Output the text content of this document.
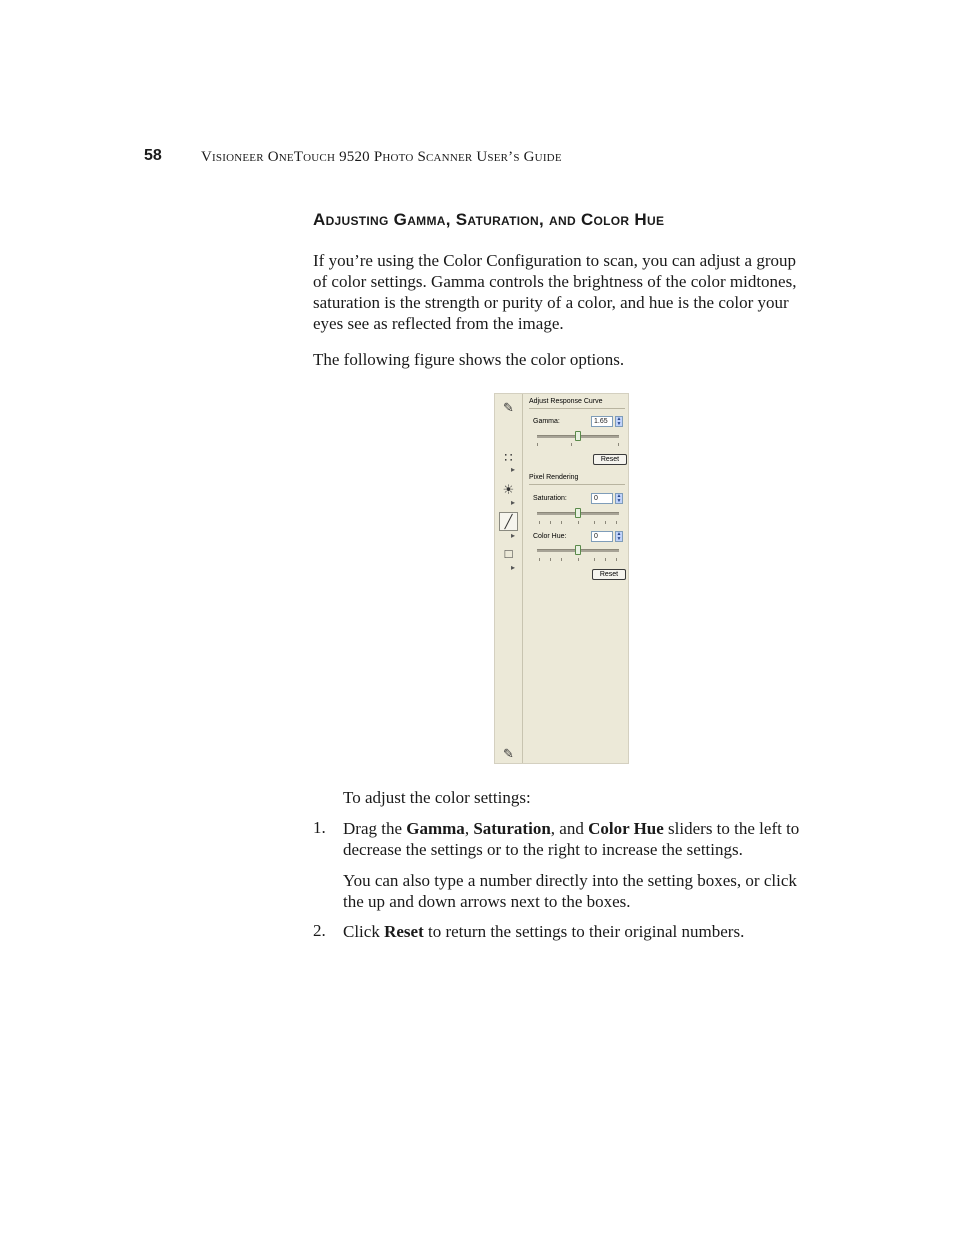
58	Visioneer OneTouch 9520 Photo Scanner User’s Guide
Adjusting Gamma, Saturation, and Color Hue
If you’re using the Color Configuration to scan, you can adjust a group of color settings. Gamma controls the brightness of the color midtones, saturation is the strength or purity of a color, and hue is the color your eyes see as reflected from the image.
The following figure shows the color options.
✎
∷
▸
☀
▸
╱
▸
□
▸
✎
Adjust Response Curve
Gamma:	1.65	▲
▼
Reset
Pixel Rendering
Saturation:	0	▲
▼
Color Hue:	0	▲
▼
Reset
To adjust the color settings:
1. Drag the Gamma, Saturation, and Color Hue sliders to the left to decrease the settings or to the right to increase the settings.
You can also type a number directly into the setting boxes, or click the up and down arrows next to the boxes.
2. Click Reset to return the settings to their original numbers.
